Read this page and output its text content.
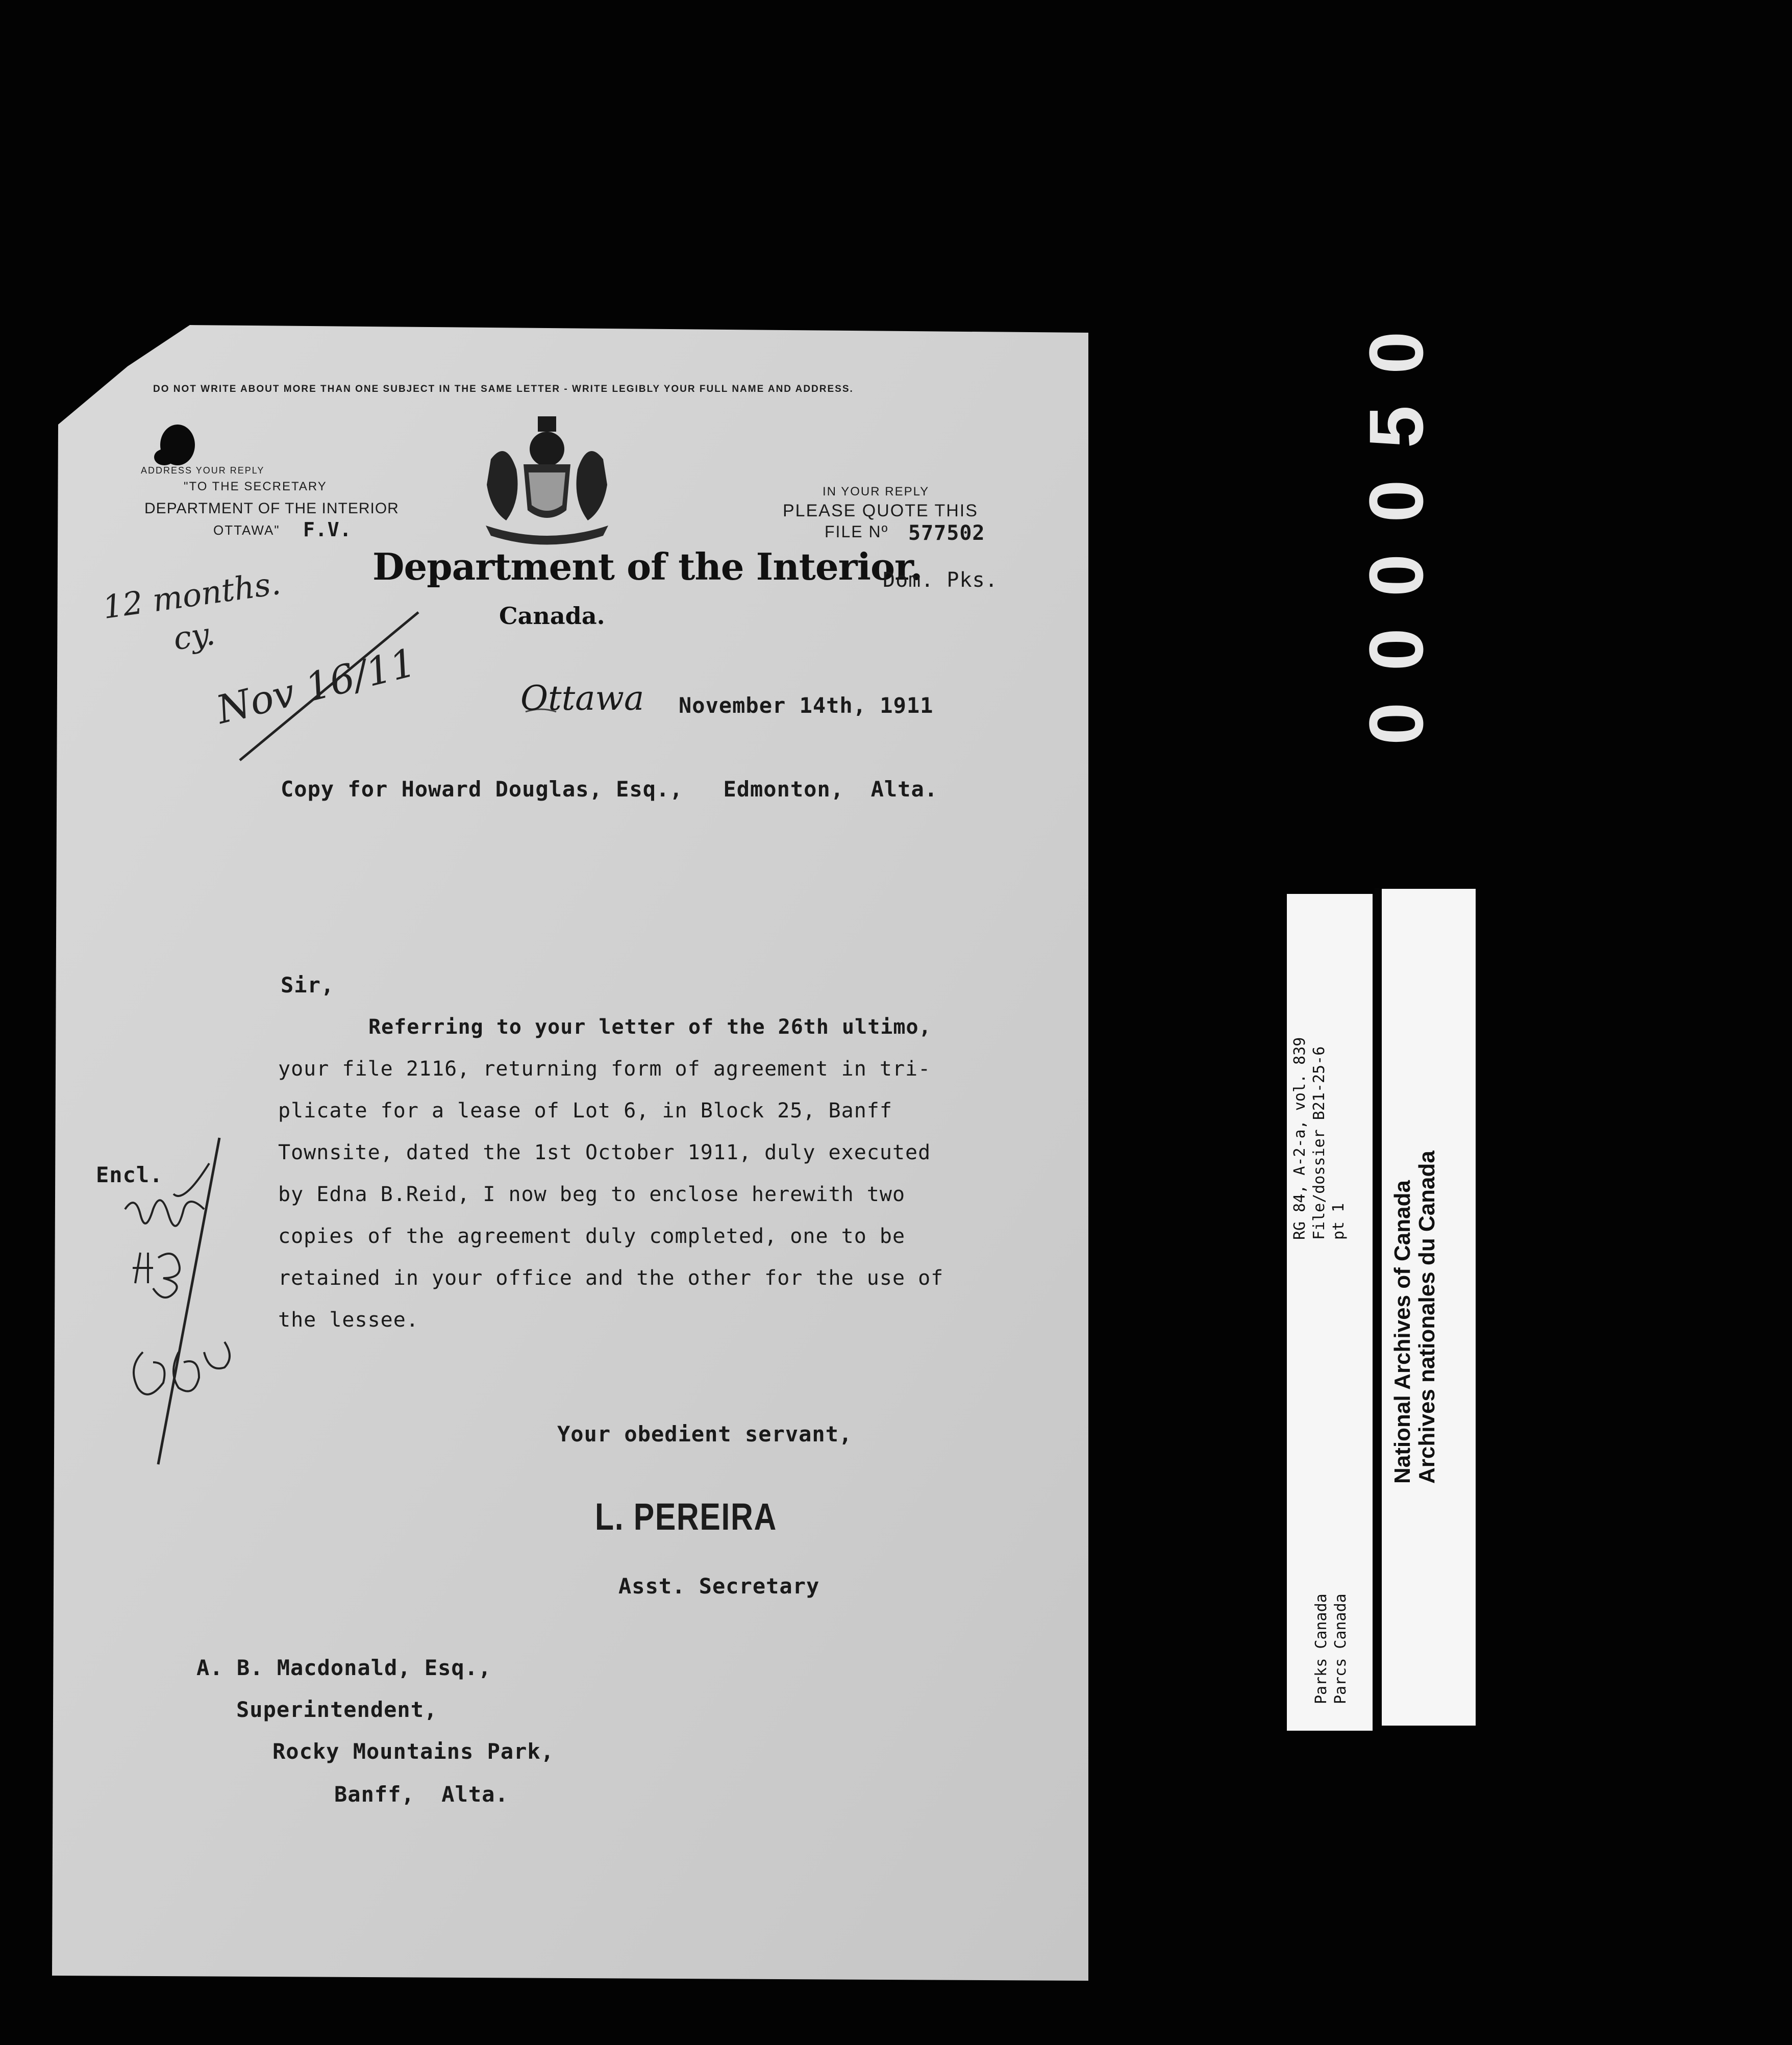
DO NOT WRITE ABOUT MORE THAN ONE SUBJECT IN THE SAME LETTER - WRITE LEGIBLY YOUR FULL NAME AND ADDRESS.
ADDRESS YOUR REPLY
"TO THE SECRETARY
DEPARTMENT OF THE INTERIOR
OTTAWA" F.V.
IN YOUR REPLY
PLEASE QUOTE THIS
FILE Nº 577502
Department of the Interior.
Canada.
Dom. Pks.
12 months.
cy.
Nov 16/11	Ottawa November 14th, 1911
Copy for Howard Douglas, Esq.,   Edmonton,  Alta.
Sir,
Referring to your letter of the 26th ultimo,
your file 2116, returning form of agreement in tri-
plicate for a lease of Lot 6, in Block 25, Banff
Townsite, dated the 1st October 1911, duly executed
by Edna B.Reid, I now beg to enclose herewith two
copies of the agreement duly completed, one to be
retained in your office and the other for the use of
the lessee.
Encl.
Your obedient servant,
L. PEREIRA
Asst. Secretary
A. B. Macdonald, Esq.,
Superintendent,
Rocky Mountains Park,
Banff,  Alta.
000050
RG 84, A-2-a, vol. 839 File/dossier B21-25-6 pt 1
Parks Canada Parcs Canada
National Archives of Canada Archives nationales du Canada
